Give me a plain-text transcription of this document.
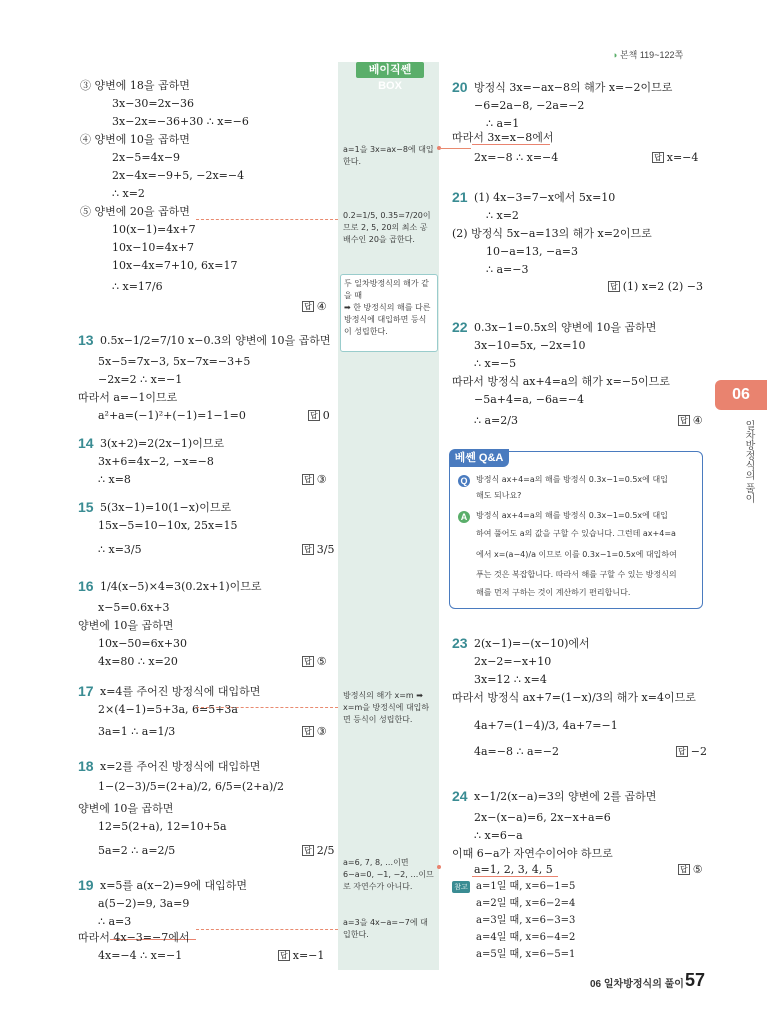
◑ 본책 119~122쪽
베이직쎈 BOX
a=1을 3x=ax−8에 대입한다.
0.2=1/5, 0.35=7/20이므로 2, 5, 20의 최소 공배수인 20을 곱한다.
두 일차방정식의 해가 같을 때
➡ 한 방정식의 해를 다른 방정식에 대입하면 등식이 성립한다.
방정식의 해가 x=m ➡ x=m을 방정식에 대입하면 등식이 성립한다.
a=6, 7, 8, …이면 6−a=0, −1, −2, …이므로 자연수가 아니다.
a=3을 4x−a=−7에 대입한다.
06
일차방정식의 풀이
③ 양변에 18을 곱하면
3x−30=2x−36
3x−2x=−36+30 ∴ x=−6
④ 양변에 10을 곱하면
2x−5=4x−9
2x−4x=−9+5, −2x=−4
∴ x=2
⑤ 양변에 20을 곱하면
10(x−1)=4x+7
10x−10=4x+7
10x−4x=7+10, 6x=17
∴ x=17/6
답 ④
13 0.5x−1/2=7/10 x−0.3의 양변에 10을 곱하면
5x−5=7x−3, 5x−7x=−3+5
−2x=2 ∴ x=−1
따라서 a=−1이므로
a²+a=(−1)²+(−1)=1−1=0	답 0
14 3(x+2)=2(2x−1)이므로
3x+6=4x−2, −x=−8
∴ x=8	답 ③
15 5(3x−1)=10(1−x)이므로
15x−5=10−10x, 25x=15
∴ x=3/5	답 3/5
16 1/4(x−5)×4=3(0.2x+1)이므로
x−5=0.6x+3
양변에 10을 곱하면
10x−50=6x+30
4x=80 ∴ x=20	답 ⑤
17 x=4를 주어진 방정식에 대입하면
2×(4−1)=5+3a, 6=5+3a
3a=1 ∴ a=1/3	답 ③
18 x=2를 주어진 방정식에 대입하면
1−(2−3)/5=(2+a)/2, 6/5=(2+a)/2
양변에 10을 곱하면
12=5(2+a), 12=10+5a
5a=2 ∴ a=2/5	답 2/5
19 x=5를 a(x−2)=9에 대입하면
a(5−2)=9, 3a=9
∴ a=3
따라서 4x−3=−7에서
4x=−4 ∴ x=−1	답 x=−1
20 방정식 3x=−ax−8의 해가 x=−2이므로
−6=2a−8, −2a=−2
∴ a=1
따라서 3x=x−8에서
2x=−8 ∴ x=−4	답 x=−4
21 (1) 4x−3=7−x에서 5x=10
∴ x=2
(2) 방정식 5x−a=13의 해가 x=2이므로
10−a=13, −a=3
∴ a=−3
답 (1) x=2 (2) −3
22 0.3x−1=0.5x의 양변에 10을 곱하면
3x−10=5x, −2x=10
∴ x=−5
따라서 방정식 ax+4=a의 해가 x=−5이므로
−5a+4=a, −6a=−4
∴ a=2/3	답 ④
베쎈 Q&A
Q	방정식 ax+4=a의 해를 방정식 0.3x−1=0.5x에 대입
해도 되나요?
A	방정식 ax+4=a의 해를 방정식 0.3x−1=0.5x에 대입
하여 풀어도 a의 값을 구할 수 있습니다. 그런데 ax+4=a
에서 x=(a−4)/a 이므로 이를 0.3x−1=0.5x에 대입하여
푸는 것은 복잡합니다. 따라서 해를 구할 수 있는 방정식의
해를 먼저 구하는 것이 계산하기 편리합니다.
23 2(x−1)=−(x−10)에서
2x−2=−x+10
3x=12 ∴ x=4
따라서 방정식 ax+7=(1−x)/3의 해가 x=4이므로
4a+7=(1−4)/3, 4a+7=−1
4a=−8 ∴ a=−2	답 −2
24 x−1/2(x−a)=3의 양변에 2를 곱하면
2x−(x−a)=6, 2x−x+a=6
∴ x=6−a
이때 6−a가 자연수이어야 하므로
a=1, 2, 3, 4, 5	답 ⑤
참고 a=1일 때, x=6−1=5
a=2일 때, x=6−2=4
a=3일 때, x=6−3=3
a=4일 때, x=6−4=2
a=5일 때, x=6−5=1
06 일차방정식의 풀이 57
